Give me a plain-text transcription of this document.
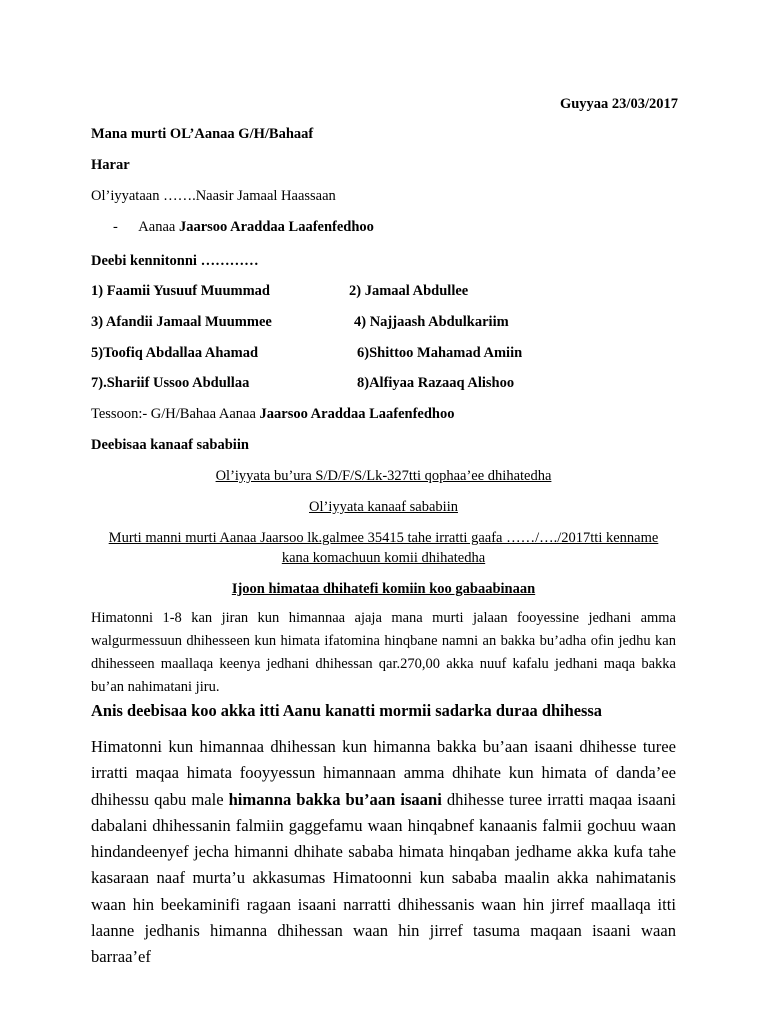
Guyyaa 23/03/2017
Mana murti OL’Aanaa G/H/Bahaaf
Harar
Ol’iyyataan …….Naasir Jamaal Haassaan
- Aanaa Jaarsoo Araddaa Laafenfedhoo
Deebi kennitonni …………
1) Faamii Yusuuf Muummad	2) Jamaal Abdullee
3) Afandii Jamaal Muummee	4) Najjaash Abdulkariim
5)Toofiq Abdallaa Ahamad	6)Shittoo Mahamad Amiin
7).Shariif Ussoo Abdullaa	8)Alfiyaa Razaaq Alishoo
Tessoon:- G/H/Bahaa Aanaa Jaarsoo Araddaa Laafenfedhoo
Deebisaa kanaaf sababiin
Ol’iyyata bu’ura S/D/F/S/Lk-327tti qophaa’ee dhihatedha
Ol’iyyata kanaaf sababiin
Murti manni murti Aanaa Jaarsoo lk.galmee 35415 tahe irratti gaafa ……/…./2017tti kenname
kana komachuun komii dhihatedha
Ijoon himataa dhihatefi komiin koo gabaabinaan
Himatonni 1-8 kan jiran kun himannaa ajaja mana murti jalaan fooyessine jedhani amma walgurmessuun dhihesseen kun himata ifatomina hinqbane namni an bakka bu’adha ofin jedhu kan dhihesseen maallaqa keenya jedhani dhihessan qar.270,00 akka nuuf kafalu jedhani maqa bakka bu’an nahimatani jiru.
Anis deebisaa koo akka itti Aanu kanatti mormii sadarka duraa dhihessa
Himatonni kun himannaa dhihessan kun himanna bakka bu’aan isaani dhihesse turee irratti maqaa himata fooyyessun himannaan amma dhihate kun himata of danda’ee dhihessu qabu male himanna bakka bu’aan isaani dhihesse turee irratti maqaa isaani dabalani dhihessanin falmiin gaggefamu waan hinqabnef kanaanis falmii gochuu waan hindandeenyef jecha himanni dhihate sababa himata hinqaban jedhame akka kufa tahe kasaraan naaf murta’u akkasumas Himatoonni kun sababa maalin akka nahimatanis waan hin beekaminifi ragaan isaani narratti dhihessanis waan hin jirref maallaqa itti laanne jedhanis himanna dhihessan waan hin jirref tasuma maqaan isaani waan barraa’ef
